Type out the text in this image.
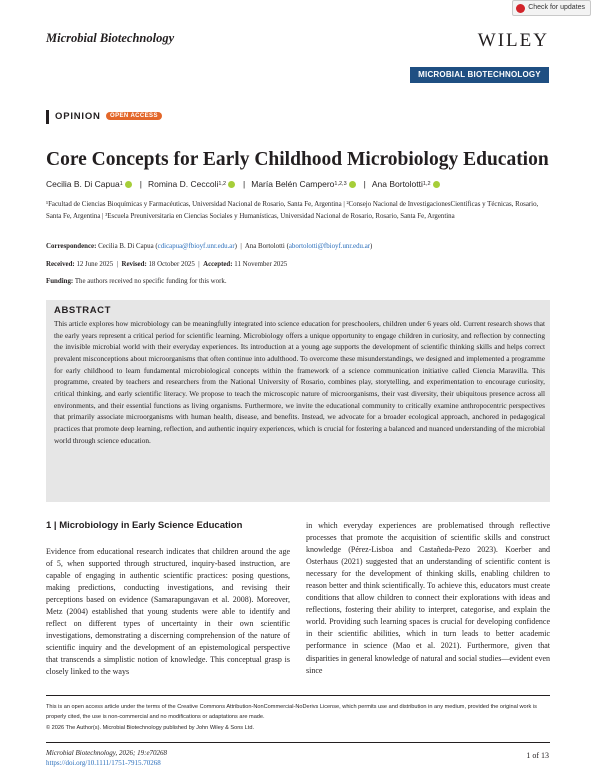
Check for updates
Microbial Biotechnology	WILEY
MICROBIAL BIOTECHNOLOGY
OPINION	OPEN ACCESS
Core Concepts for Early Childhood Microbiology Education
Cecilia B. Di Capua 1 | Romina D. Ceccoli 1,2 | María Belén Campero 1,2,3 | Ana Bortolotti 1,2
¹Facultad de Ciencias Bioquímicas y Farmacéuticas, Universidad Nacional de Rosario, Santa Fe, Argentina | ²Consejo Nacional de InvestigacionesCientíficas y Técnicas, Rosario, Santa Fe, Argentina | ³Escuela Preuniversitaria en Ciencias Sociales y Humanísticas, Universidad Nacional de Rosario, Rosario, Santa Fe, Argentina
Correspondence: Cecilia B. Di Capua (cdicapua@fbioyf.unr.edu.ar)  |  Ana Bortolotti (abortolotti@fbioyf.unr.edu.ar)
Received: 12 June 2025  |  Revised: 18 October 2025  |  Accepted: 11 November 2025
Funding: The authors received no specific funding for this work.
ABSTRACT
This article explores how microbiology can be meaningfully integrated into science education for preschoolers, children under 6 years old. Current research shows that the early years represent a critical period for scientific learning. Microbiology offers a unique opportunity to engage children in curiosity, and reflection by connecting the invisible microbial world with their everyday experiences. Its introduction at a young age supports the development of scientific thinking skills and helps correct prevalent misconceptions about microorganisms that often continue into adulthood. To overcome these misunderstandings, we designed and implemented a programme for early childhood to learn fundamental microbiological concepts within the framework of a science communication initiative called Ciencia Maravilla. This programme, created by teachers and researchers from the National University of Rosario, combines play, storytelling, and experimentation to encourage curiosity, critical thinking, and early scientific literacy. We propose to teach the microscopic nature of microorganisms, their vast diversity, their ubiquitous presence across all environments, and their essential functions as living organisms. Furthermore, we invite the educational community to critically examine anthropocentric perspectives that primarily associate microorganisms with human health, disease, and benefits. Instead, we advocate for a broader ecological approach, anchored in pedagogical practices that promote deep learning, reflection, and authentic inquiry experiences, which is crucial for fostering a balanced and nuanced understanding of the microbial world through science education.
1 | Microbiology in Early Science Education
Evidence from educational research indicates that children around the age of 5, when supported through structured, inquiry-based instruction, are capable of engaging in authentic scientific practices: posing questions, making predictions, conducting investigations, and revising their perceptions based on evidence (Samarapungavan et al. 2008). Moreover, Metz (2004) established that young students were able to identify and reflect on different types of uncertainty in their own scientific investigations, demonstrating a discerning comprehension of the nature of scientific inquiry and the development of an epistemological perspective that transcends a simplistic notion of knowledge. This conceptual grasp is closely linked to the ways
in which everyday experiences are problematised through reflective processes that promote the acquisition of scientific skills and construct knowledge (Pérez-Lisboa and Castañeda-Pezo 2023). Koerber and Osterhaus (2021) suggested that an understanding of scientific content is necessary for the development of thinking skills, enabling children to reason better and think scientifically. To achieve this, educators must create conditions that allow children to connect their explorations with ideas and reflections, fostering their ability to interpret, categorise, and explain the world. Providing such learning spaces is crucial for developing confidence in their scientific abilities, which in turn leads to better academic performance in science (Mao et al. 2021). Furthermore, given that disparities in general knowledge of natural and social studies—evident even since
This is an open access article under the terms of the Creative Commons Attribution-NonCommercial-NoDerivs License, which permits use and distribution in any medium, provided the original work is properly cited, the use is non-commercial and no modifications or adaptations are made.
© 2026 The Author(s). Microbial Biotechnology published by John Wiley & Sons Ltd.
Microbial Biotechnology, 2026; 19:e70268
https://doi.org/10.1111/1751-7915.70268
1 of 13
